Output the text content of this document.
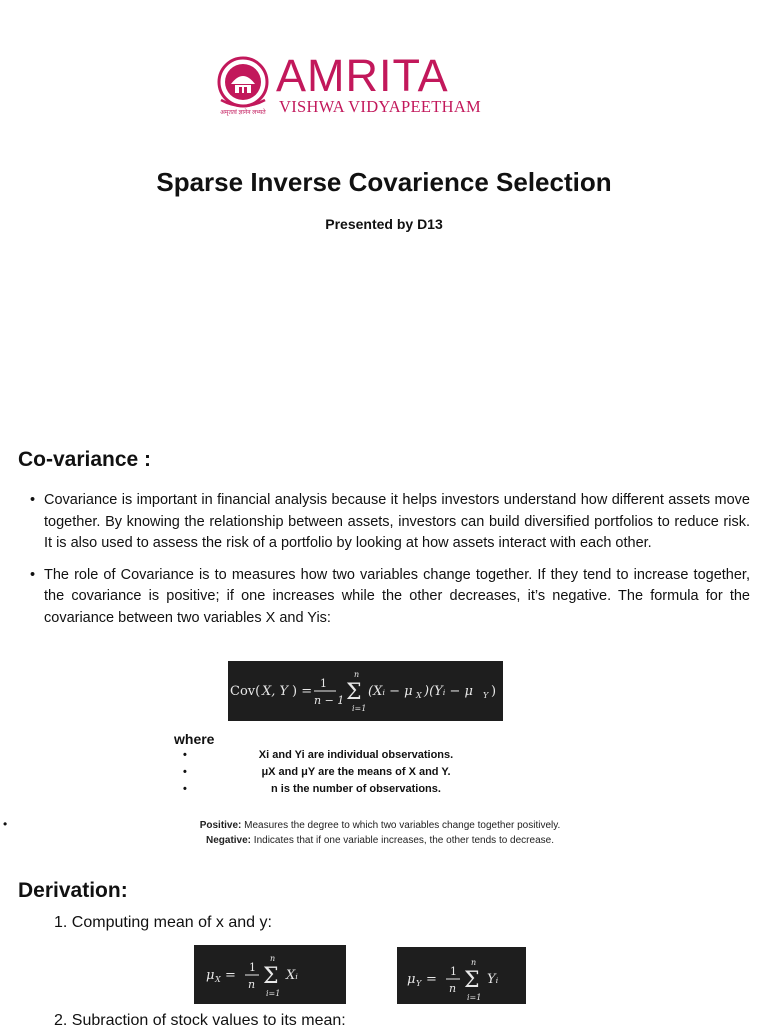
अमृतत्वं ज्ञानेन लभ्यते
AMRITA
VISHWA VIDYAPEETHAM
Sparse Inverse Covarience Selection
Presented by D13
Co-variance :
• Covariance is important in financial analysis because it helps investors understand how different assets move together. By knowing the relationship between assets, investors can build diversified portfolios to reduce risk. It is also used to assess the risk of a portfolio by looking at how assets interact with each other.
• The role of Covariance is to measures how two variables change together. If they tend to increase together, the covariance is positive; if one increases while the other decreases, it’s negative. The formula for the covariance between two variables X and Yis:
Cov( X, Y ) =
1
n − 1
n
Σ
i=1
(Xᵢ − μ X )(Yᵢ − μ Y )
where
• Xi and Yi are individual observations.
• μX and μY are the means of X and Y.
• n is the number of observations.
•	Positive: Measures the degree to which two variables change together positively.
Negative: Indicates that if one variable increases, the other tends to decrease.
Derivation:
1. Computing mean of x and y:
μ X =
1
n
n
Σ
i=1
Xᵢ	μ Y =
1
n
n
Σ
i=1
Yᵢ
2. Subraction of stock values to its mean:
